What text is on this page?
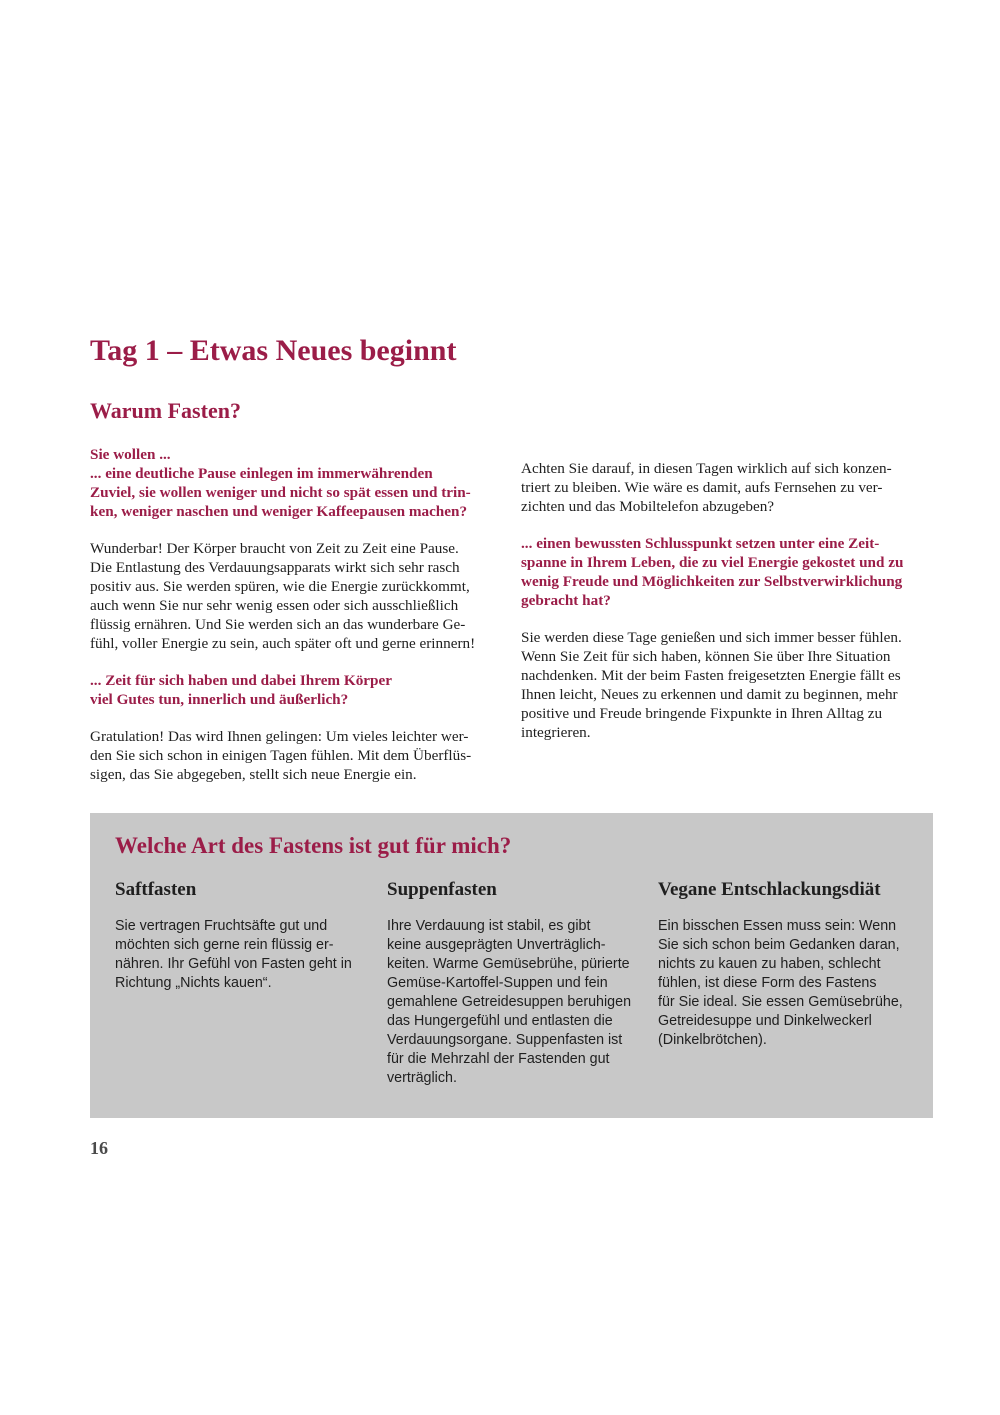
Tag 1 – Etwas Neues beginnt
Warum Fasten?

Sie wollen ...
... eine deutliche Pause einlegen im immerwährenden
Zuviel, sie wollen weniger und nicht so spät essen und trin-
ken, weniger naschen und weniger Kaffeepausen machen?

Wunderbar! Der Körper braucht von Zeit zu Zeit eine Pause.
Die Entlastung des Verdauungsapparats wirkt sich sehr rasch
positiv aus. Sie werden spüren, wie die Energie zurückkommt,
auch wenn Sie nur sehr wenig essen oder sich ausschließlich
flüssig ernähren. Und Sie werden sich an das wunderbare Ge-
fühl, voller Energie zu sein, auch später oft und gerne erinnern!

... Zeit für sich haben und dabei Ihrem Körper
viel Gutes tun, innerlich und äußerlich?

Gratulation! Das wird Ihnen gelingen: Um vieles leichter wer-
den Sie sich schon in einigen Tagen fühlen. Mit dem Überflüs-
sigen, das Sie abgegeben, stellt sich neue Energie ein.

Achten Sie darauf, in diesen Tagen wirklich auf sich konzen-
triert zu bleiben. Wie wäre es damit, aufs Fernsehen zu ver-
zichten und das Mobiltelefon abzugeben?

... einen bewussten Schlusspunkt setzen unter eine Zeit-
spanne in Ihrem Leben, die zu viel Energie gekostet und zu
wenig Freude und Möglichkeiten zur Selbstverwirklichung
gebracht hat?

Sie werden diese Tage genießen und sich immer besser fühlen.
Wenn Sie Zeit für sich haben, können Sie über Ihre Situation
nachdenken. Mit der beim Fasten freigesetzten Energie fällt es
Ihnen leicht, Neues zu erkennen und damit zu beginnen, mehr
positive und Freude bringende Fixpunkte in Ihren Alltag zu
integrieren.

Welche Art des Fastens ist gut für mich?
Saftfasten

Sie vertragen Fruchtsäfte gut und
möchten sich gerne rein flüssig er-
nähren. Ihr Gefühl von Fasten geht in
Richtung „Nichts kauen“.

Suppenfasten

Ihre Verdauung ist stabil, es gibt
keine ausgeprägten Unverträglich-
keiten. Warme Gemüsebrühe, pürierte
Gemüse-Kartoffel-Suppen und fein
gemahlene Getreidesuppen beruhigen
das Hungergefühl und entlasten die
Verdauungsorgane. Suppenfasten ist
für die Mehrzahl der Fastenden gut
verträglich.

Vegane Entschlackungsdiät

Ein bisschen Essen muss sein: Wenn
Sie sich schon beim Gedanken daran,
nichts zu kauen zu haben, schlecht
fühlen, ist diese Form des Fastens
für Sie ideal. Sie essen Gemüsebrühe,
Getreidesuppe und Dinkelweckerl
(Dinkelbrötchen).

16
